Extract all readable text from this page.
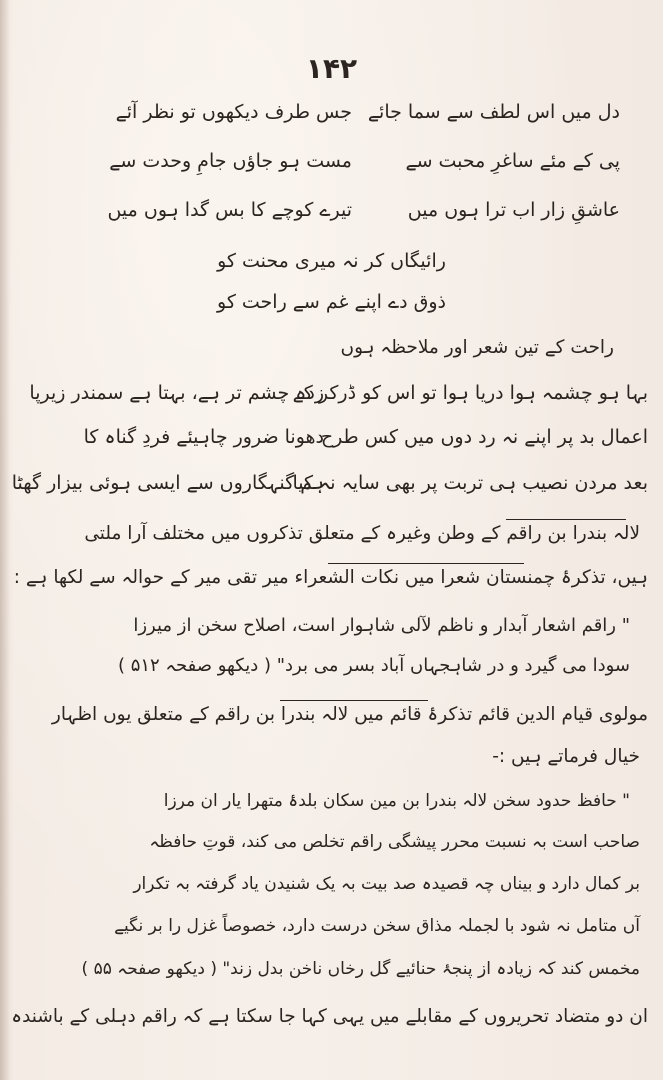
۱۴۲
دل میں اس لطف سے سما جائے
جس طرف دیکھوں تو نظر آئے
پی کے مئے ساغرِ محبت سے
مست ہو جاؤں جامِ وحدت سے
عاشقِ زار اب ترا ہوں میں
تیرے کوچے کا بس گدا ہوں میں
رائیگاں کر نہ میری محنت کو
ذوق دے اپنے غم سے راحت کو
راحت کے تین شعر اور ملاحظہ ہوں
بہا ہو چشمہ ہوا دریا ہوا تو اس کو ڈرکر کے
زدہ چشم تر ہے، بہتا ہے سمندر زیرپا
اعمال بد پر اپنے نہ رد دوں میں کس طرح
دھونا ضرور چاہیئے فردِ گناہ کا
بعد مردن نصیب ہی تربت پر بھی سایہ نہ کیا
ہم گنہگاروں سے ایسی ہوئی بیزار گھٹا
لالہ بندرا بن راقم کے وطن وغیرہ کے متعلق تذکروں میں مختلف آرا ملتی
ہیں، تذکرۂ چمنستان شعرا میں نکات الشعراء میر تقی میر کے حوالہ سے لکھا ہے :
" راقم اشعار آبدار و ناظم لآلی شاہوار است، اصلاح سخن از میرزا
سودا می گیرد و در شاہجہاں آباد بسر می برد" ( دیکھو صفحہ ۵۱۲ )
مولوی قیام الدین قائم تذکرۂ قائم میں لالہ بندرا بن راقم کے متعلق یوں اظہار
خیال فرماتے ہیں :-
" حافظ حدود سخن لالہ بندرا بن مین سکان بلدۂ متھرا یار ان مرزا
صاحب است بہ نسبت محرر پیشگی راقم تخلص می کند، قوتِ حافظہ
بر کمال دارد و بیناں چہ قصیدہ صد بیت بہ یک شنیدن یاد گرفتہ بہ تکرار
آں متامل نہ شود با لجملہ مذاق سخن درست دارد، خصوصاً غزل را بر نگیے
مخمس کند کہ زیادہ از پنجۂ حنائیے گل رخاں ناخن بدل زند" ( دیکھو صفحہ ۵۵ )
ان دو متضاد تحریروں کے مقابلے میں یہی کہا جا سکتا ہے کہ راقم دہلی کے باشندہ
